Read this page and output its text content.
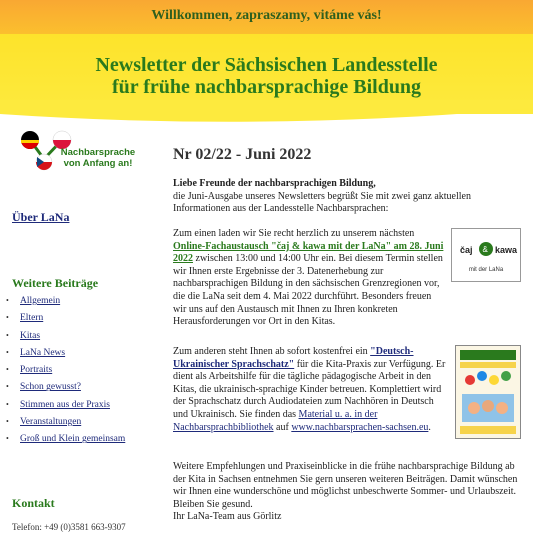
Willkommen, zapraszamy, vitáme vás!
Newsletter der Sächsischen Landesstelle
für frühe nachbarsprachige Bildung
Nachbarsprache
von Anfang an!
Über LaNa
Weitere Beiträge
• Allgemein
• Eltern
• Kitas
• LaNa News
• Portraits
• Schon gewusst?
• Stimmen aus der Praxis
• Veranstaltungen
• Groß und Klein gemeinsam
Kontakt
Telefon: +49 (0)3581 663-9307
Nr 02/22 - Juni 2022
Liebe Freunde der nachbarsprachigen Bildung,
die Juni-Ausgabe unseres Newsletters begrüßt Sie mit zwei ganz aktuellen Informationen aus der Landesstelle Nachbarsprachen:
Zum einen laden wir Sie recht herzlich zu unserem nächsten Online-Fachaustausch "čaj & kawa mit der LaNa" am 28. Juni 2022 zwischen 13:00 und 14:00 Uhr ein. Bei diesem Termin stellen wir Ihnen erste Ergebnisse der 3. Datenerhebung zur nachbarsprachigen Bildung in den sächsischen Grenzregionen vor, die die LaNa seit dem 4. Mai 2022 durchführt. Besonders freuen wir uns auf den Austausch mit Ihnen zu Ihren konkreten Herausforderungen vor Ort in den Kitas.
čaj & kawa
mit der LaNa
Zum anderen steht Ihnen ab sofort kostenfrei ein "Deutsch-Ukrainischer Sprachschatz" für die Kita-Praxis zur Verfügung. Er dient als Arbeitshilfe für die tägliche pädagogische Arbeit in den Kitas, die ukrainisch-sprachige Kinder betreuen. Komplettiert wird der Sprachschatz durch Audiodateien zum Nachhören in Deutsch und Ukrainisch. Sie finden das Material u. a. in der Nachbarsprachbibliothek auf www.nachbarsprachen-sachsen.eu.
Weitere Empfehlungen und Praxiseinblicke in die frühe nachbarsprachige Bildung ab der Kita in Sachsen entnehmen Sie gern unseren weiteren Beiträgen. Damit wünschen wir Ihnen eine wunderschöne und möglichst unbeschwerte Sommer- und Urlaubszeit. Bleiben Sie gesund.
Ihr LaNa-Team aus Görlitz
